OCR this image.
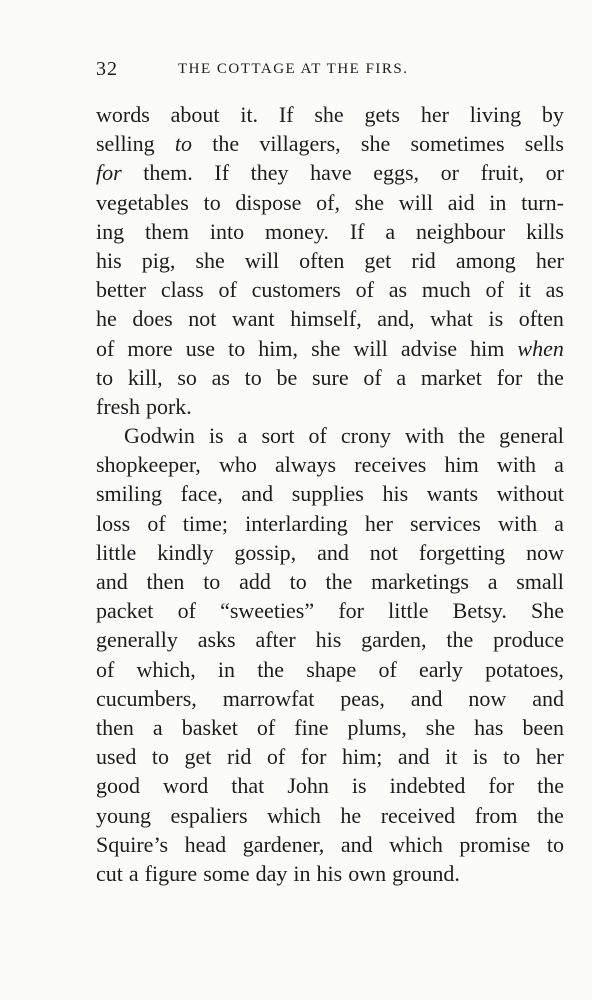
32	THE COTTAGE AT THE FIRS.
words about it. If she gets her living by
selling to the villagers, she sometimes sells
for them. If they have eggs, or fruit, or
vegetables to dispose of, she will aid in turn-
ing them into money. If a neighbour kills
his pig, she will often get rid among her
better class of customers of as much of it as
he does not want himself, and, what is often
of more use to him, she will advise him when
to kill, so as to be sure of a market for the
fresh pork.
Godwin is a sort of crony with the general
shopkeeper, who always receives him with a
smiling face, and supplies his wants without
loss of time; interlarding her services with a
little kindly gossip, and not forgetting now
and then to add to the marketings a small
packet of “sweeties” for little Betsy. She
generally asks after his garden, the produce
of which, in the shape of early potatoes,
cucumbers, marrowfat peas, and now and
then a basket of fine plums, she has been
used to get rid of for him; and it is to her
good word that John is indebted for the
young espaliers which he received from the
Squire’s head gardener, and which promise to
cut a figure some day in his own ground.
